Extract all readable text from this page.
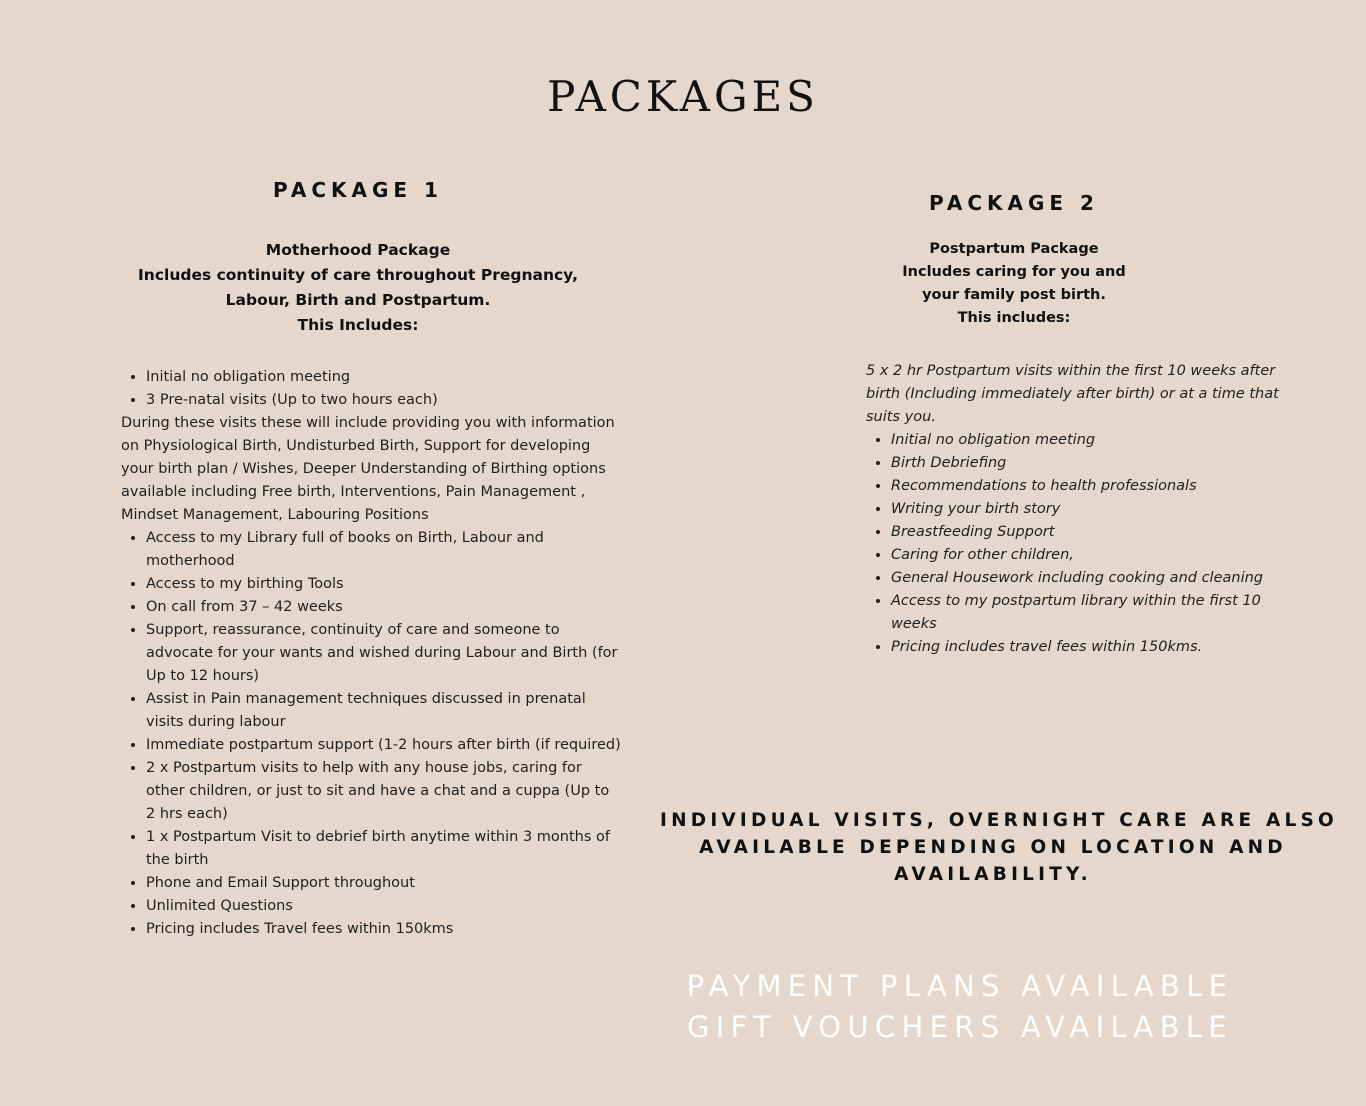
PACKAGES
PACKAGE 1
Motherhood Package
Includes continuity of care throughout Pregnancy,
Labour, Birth and Postpartum.
This Includes:
• Initial no obligation meeting
• 3 Pre-natal visits (Up to two hours each)

During these visits these will include providing you with information on Physiological Birth, Undisturbed Birth, Support for developing your birth plan / Wishes, Deeper Understanding of Birthing options available including Free birth, Interventions, Pain Management , Mindset Management, Labouring Positions

• Access to my Library full of books on Birth, Labour and motherhood
• Access to my birthing Tools
• On call from 37 – 42 weeks
• Support, reassurance, continuity of care and someone to advocate for your wants and wished during Labour and Birth (for Up to 12 hours)
• Assist in Pain management techniques discussed in prenatal visits during labour
• Immediate postpartum support (1-2 hours after birth (if required)
• 2 x Postpartum visits to help with any house jobs, caring for other children, or just to sit and have a chat and a cuppa (Up to 2 hrs each)
• 1 x Postpartum Visit to debrief birth anytime within 3 months of the birth
• Phone and Email Support throughout
• Unlimited Questions
• Pricing includes Travel fees within 150kms
PACKAGE 2
Postpartum Package
Includes caring for you and
your family post birth.
This includes:

5 x 2 hr Postpartum visits within the first 10 weeks after birth (Including immediately after birth) or at a time that suits you.

• Initial no obligation meeting
• Birth Debriefing
• Recommendations to health professionals
• Writing your birth story
• Breastfeeding Support
• Caring for other children,
• General Housework including cooking and cleaning
• Access to my postpartum library within the first 10 weeks
• Pricing includes travel fees within 150kms.
INDIVIDUAL VISITS, OVERNIGHT CARE ARE ALSO
AVAILABLE DEPENDING ON LOCATION AND
AVAILABILITY.
PAYMENT PLANS AVAILABLE
GIFT VOUCHERS AVAILABLE
